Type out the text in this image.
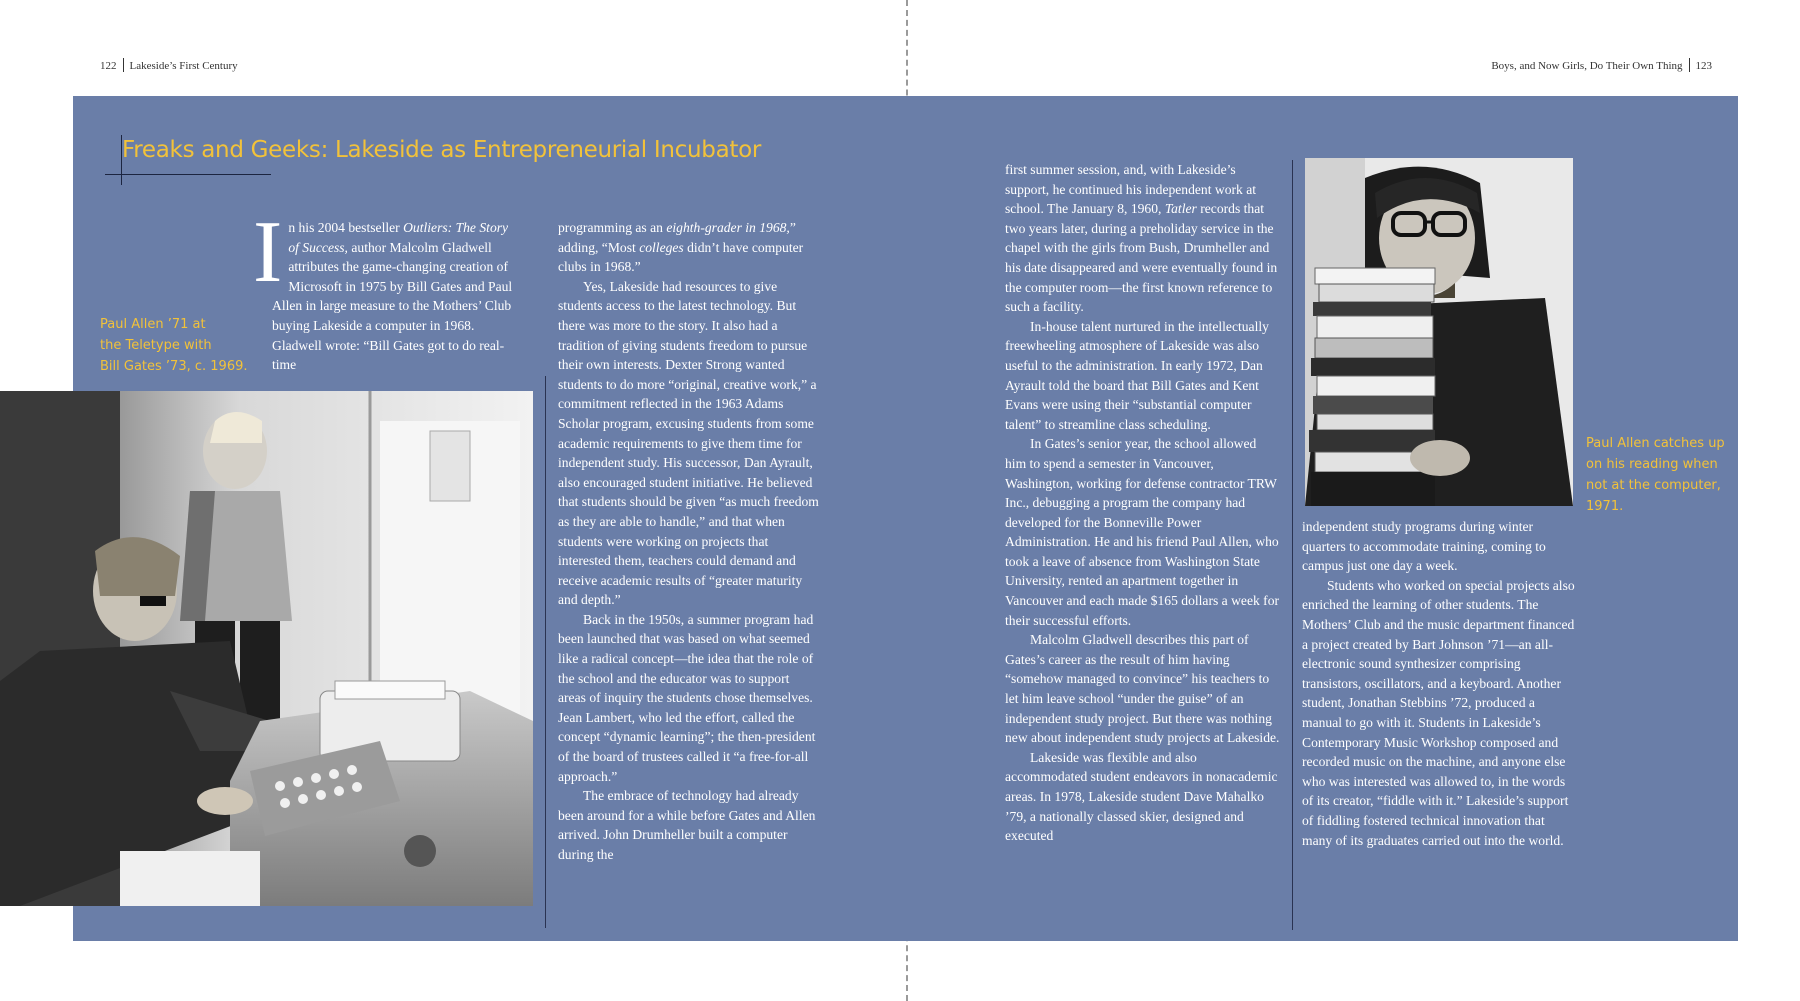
122 Lakeside’s First Century	Boys, and Now Girls, Do Their Own Thing 123
Freaks and Geeks: Lakeside as Entrepreneurial Incubator
Paul Allen ’71 at
the Teletype with
Bill Gates ’73, c. 1969.
I n his 2004 bestseller Outliers: The Story of Success, author Malcolm Gladwell attributes the game-changing creation of Microsoft in 1975 by Bill Gates and Paul Allen in large measure to the Mothers’ Club buying Lakeside a computer in 1968. Gladwell wrote: “Bill Gates got to do real-time

programming as an eighth-grader in 1968,” adding, “Most colleges didn’t have computer clubs in 1968.”

Yes, Lakeside had resources to give students access to the latest technology. But there was more to the story. It also had a tradition of giving students freedom to pursue their own interests. Dexter Strong wanted students to do more “original, creative work,” a commitment reflected in the 1963 Adams Scholar program, excusing students from some academic requirements to give them time for independent study. His successor, Dan Ayrault, also encouraged student initiative. He believed that students should be given “as much freedom as they are able to handle,” and that when students were working on projects that interested them, teachers could demand and receive academic results of “greater maturity and depth.”

Back in the 1950s, a summer program had been launched that was based on what seemed like a radical concept—the idea that the role of the school and the educator was to support areas of inquiry the students chose themselves. Jean Lambert, who led the effort, called the concept “dynamic learning”; the then-president of the board of trustees called it “a free-for-all approach.”

The embrace of technology had already been around for a while before Gates and Allen arrived. John Drumheller built a computer during the

first summer session, and, with Lakeside’s support, he continued his independent work at school. The January 8, 1960, Tatler records that two years later, during a preholiday service in the chapel with the girls from Bush, Drumheller and his date disappeared and were eventually found in the computer room—the first known reference to such a facility.

In-house talent nurtured in the intellectually freewheeling atmosphere of Lakeside was also useful to the administration. In early 1972, Dan Ayrault told the board that Bill Gates and Kent Evans were using their “substantial computer talent” to streamline class scheduling.

In Gates’s senior year, the school allowed him to spend a semester in Vancouver, Washington, working for defense contractor TRW Inc., debugging a program the company had developed for the Bonneville Power Administration. He and his friend Paul Allen, who took a leave of absence from Washington State University, rented an apartment together in Vancouver and each made $165 dollars a week for their successful efforts.

Malcolm Gladwell describes this part of Gates’s career as the result of him having “somehow managed to convince” his teachers to let him leave school “under the guise” of an independent study project. But there was nothing new about independent study projects at Lakeside.

Lakeside was flexible and also accommodated student endeavors in nonacademic areas. In 1978, Lakeside student Dave Mahalko ’79, a nationally classed skier, designed and executed

Paul Allen catches up
on his reading when
not at the computer,
1971.

independent study programs during winter quarters to accommodate training, coming to campus just one day a week.

Students who worked on special projects also enriched the learning of other students. The Mothers’ Club and the music department financed a project created by Bart Johnson ’71—an all-electronic sound synthesizer comprising transistors, oscillators, and a keyboard. Another student, Jonathan Stebbins ’72, produced a manual to go with it. Students in Lakeside’s Contemporary Music Workshop composed and recorded music on the machine, and anyone else who was interested was allowed to, in the words of its creator, “fiddle with it.” Lakeside’s support of fiddling fostered technical innovation that many of its graduates carried out into the world.
